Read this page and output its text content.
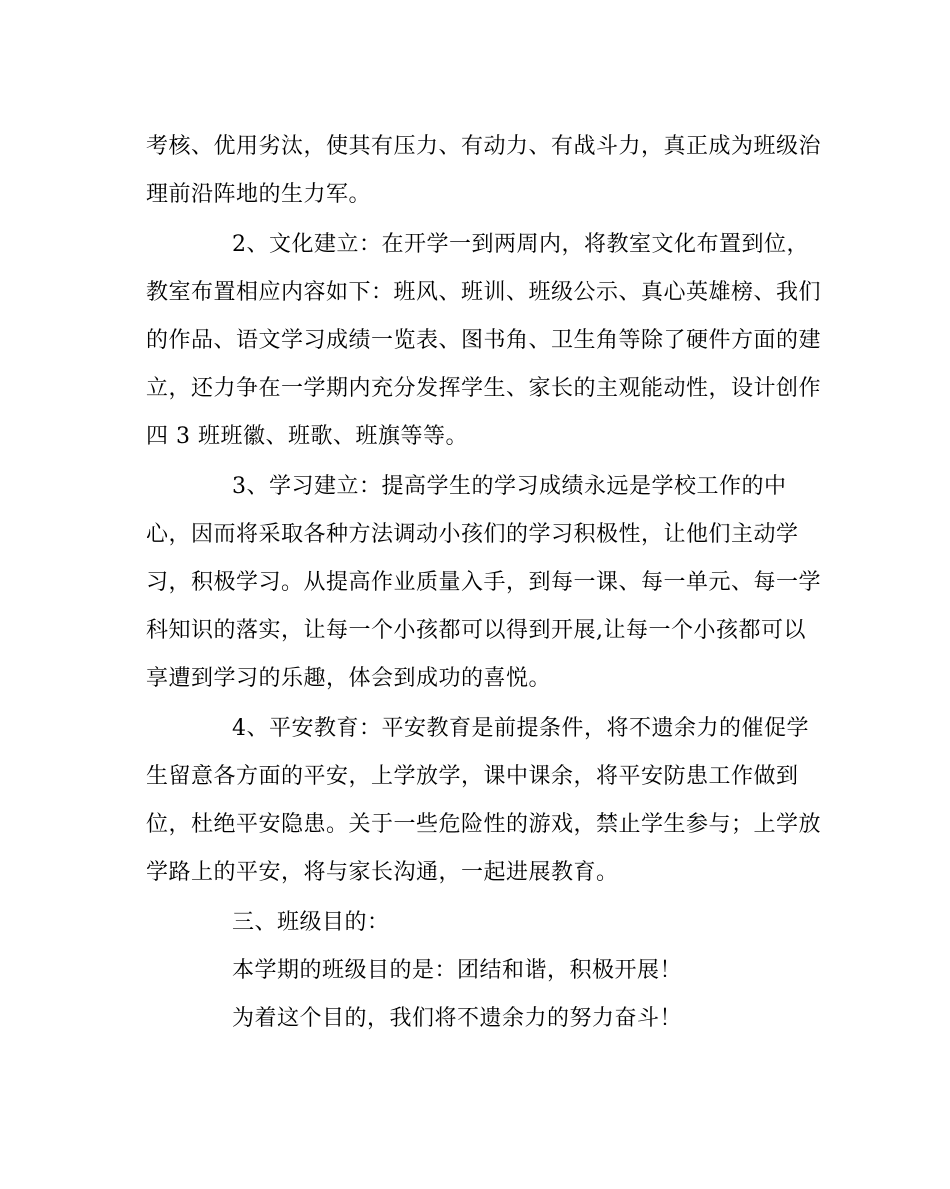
考核、优用劣汰，使其有压力、有动力、有战斗力，真正成为班级治
理前沿阵地的生力军。
2、文化建立：在开学一到两周内，将教室文化布置到位，
教室布置相应内容如下：班风、班训、班级公示、真心英雄榜、我们
的作品、语文学习成绩一览表、图书角、卫生角等除了硬件方面的建
立，还力争在一学期内充分发挥学生、家长的主观能动性，设计创作
四 3 班班徽、班歌、班旗等等。
3、学习建立：提高学生的学习成绩永远是学校工作的中
心，因而将采取各种方法调动小孩们的学习积极性，让他们主动学
习，积极学习。从提高作业质量入手，到每一课、每一单元、每一学
科知识的落实，让每一个小孩都可以得到开展,让每一个小孩都可以
享遭到学习的乐趣，体会到成功的喜悦。
4、平安教育：平安教育是前提条件，将不遗余力的催促学
生留意各方面的平安，上学放学，课中课余，将平安防患工作做到
位，杜绝平安隐患。关于一些危险性的游戏，禁止学生参与；上学放
学路上的平安，将与家长沟通，一起进展教育。
三、班级目的：
本学期的班级目的是：团结和谐，积极开展！
为着这个目的，我们将不遗余力的努力奋斗！
